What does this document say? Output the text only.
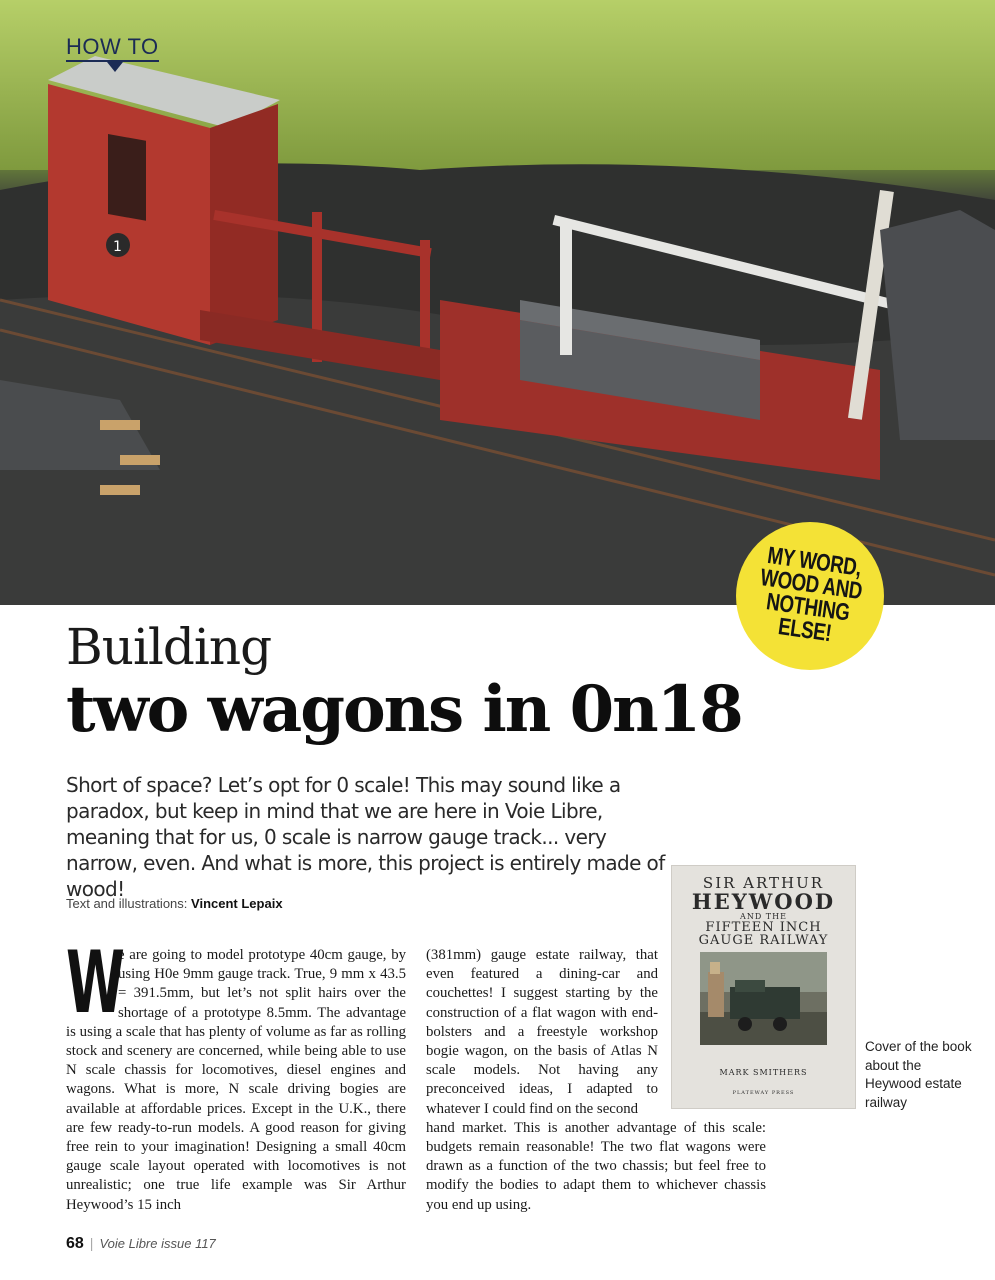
1
HOW TO
MY WORD,
WOOD AND
NOTHING
ELSE!
Building
two wagons in 0n18
Short of space? Let’s opt for 0 scale! This may sound like a paradox, but keep in mind that we are here in Voie Libre, meaning that for us, 0 scale is narrow gauge track... very narrow, even. And what is more, this project is entirely made of wood!
Text and illustrations: Vincent Lepaix
W
e are going to model prototype 40cm gauge, by using H0e 9mm gauge track. True, 9 mm x 43.5 = 391.5mm, but let’s not split hairs over the shortage of a prototype 8.5mm. The advantage is using a scale that has plenty of volume as far as rolling stock and scenery are concerned, while being able to use N scale chassis for locomotives, diesel engines and wagons. What is more, N scale driving bogies are available at affordable prices. Except in the U.K., there are few ready-to-run models. A good reason for giving free rein to your imagination! Designing a small 40cm gauge scale layout operated with locomotives is not unrealistic; one true life example was Sir Arthur Heywood’s 15 inch
(381mm) gauge estate railway, that even featured a dining-car and couchettes! I suggest starting by the construction of a flat wagon with end-bolsters and a freestyle workshop bogie wagon, on the basis of Atlas N scale models. Not having any preconceived ideas, I adapted to whatever I could find on the second
hand market. This is another advantage of this scale: budgets remain reasonable! The two flat wagons were drawn as a function of the two chassis; but feel free to modify the bodies to adapt them to whichever chassis you end up using.
SIR ARTHUR
HEYWOOD
AND THE
FIFTEEN INCH
GAUGE RAILWAY
MARK SMITHERS
PLATEWAY PRESS
Cover of the book about the Heywood estate railway
68 | Voie Libre issue 117
